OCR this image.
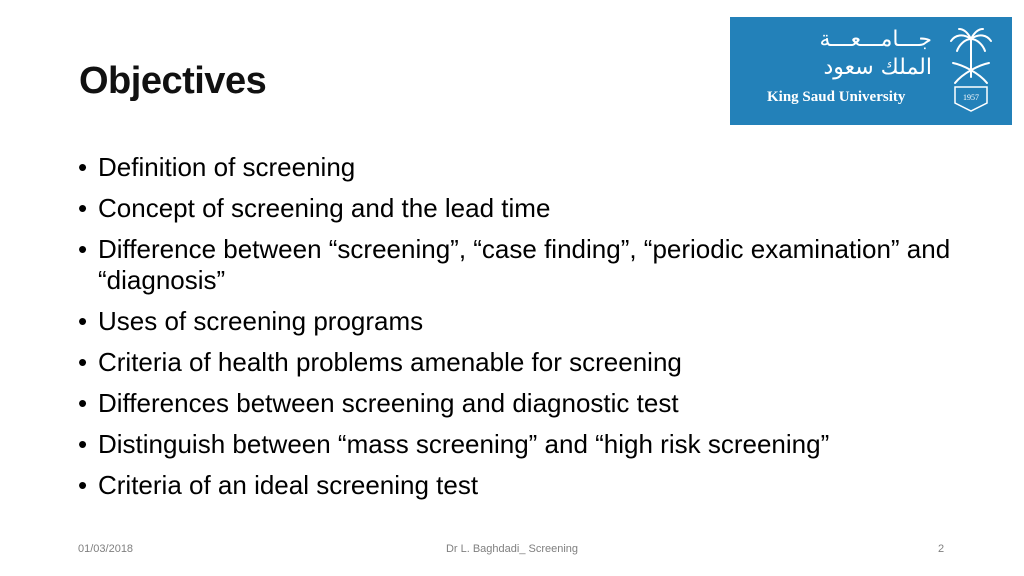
Objectives
جـــامـــعـــة
الملك سعود
King Saud University	1957
• Definition of screening
• Concept of screening and the lead time
• Difference between “screening”, “case finding”, “periodic examination” and “diagnosis”
• Uses of screening programs
• Criteria of health problems amenable for screening
• Differences between screening and diagnostic test
• Distinguish between “mass screening” and “high risk screening”
• Criteria of an ideal screening test
01/03/2018	Dr L. Baghdadi_ Screening	2
